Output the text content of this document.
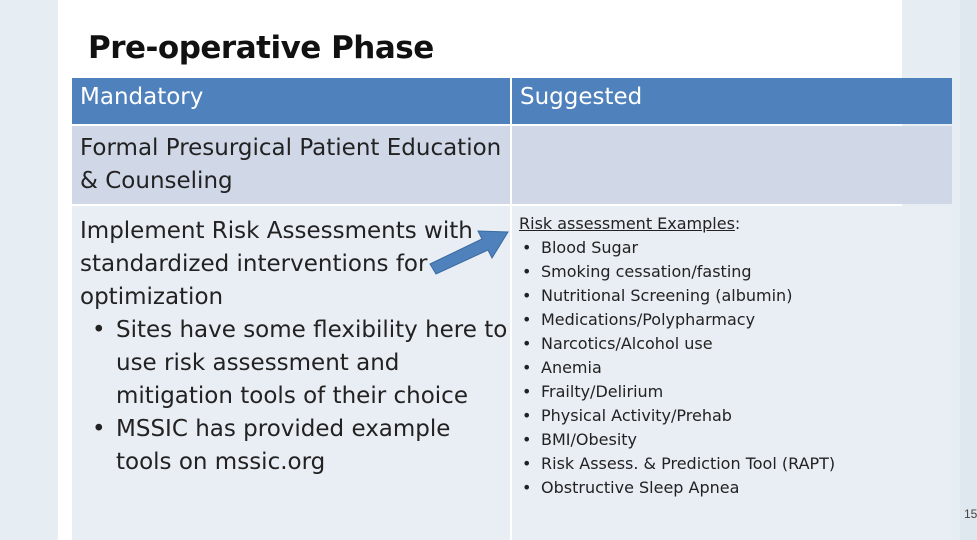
Pre-operative Phase
Mandatory	Suggested
Formal Presurgical Patient Education & Counseling
Implement Risk Assessments with standardized interventions for optimization
• Sites have some flexibility here to use risk assessment and mitigation tools of their choice
• MSSIC has provided example tools on mssic.org
Risk assessment Examples:
• Blood Sugar
• Smoking cessation/fasting
• Nutritional Screening (albumin)
• Medications/Polypharmacy
• Narcotics/Alcohol use
• Anemia
• Frailty/Delirium
• Physical Activity/Prehab
• BMI/Obesity
• Risk Assess. & Prediction Tool (RAPT)
• Obstructive Sleep Apnea
15
